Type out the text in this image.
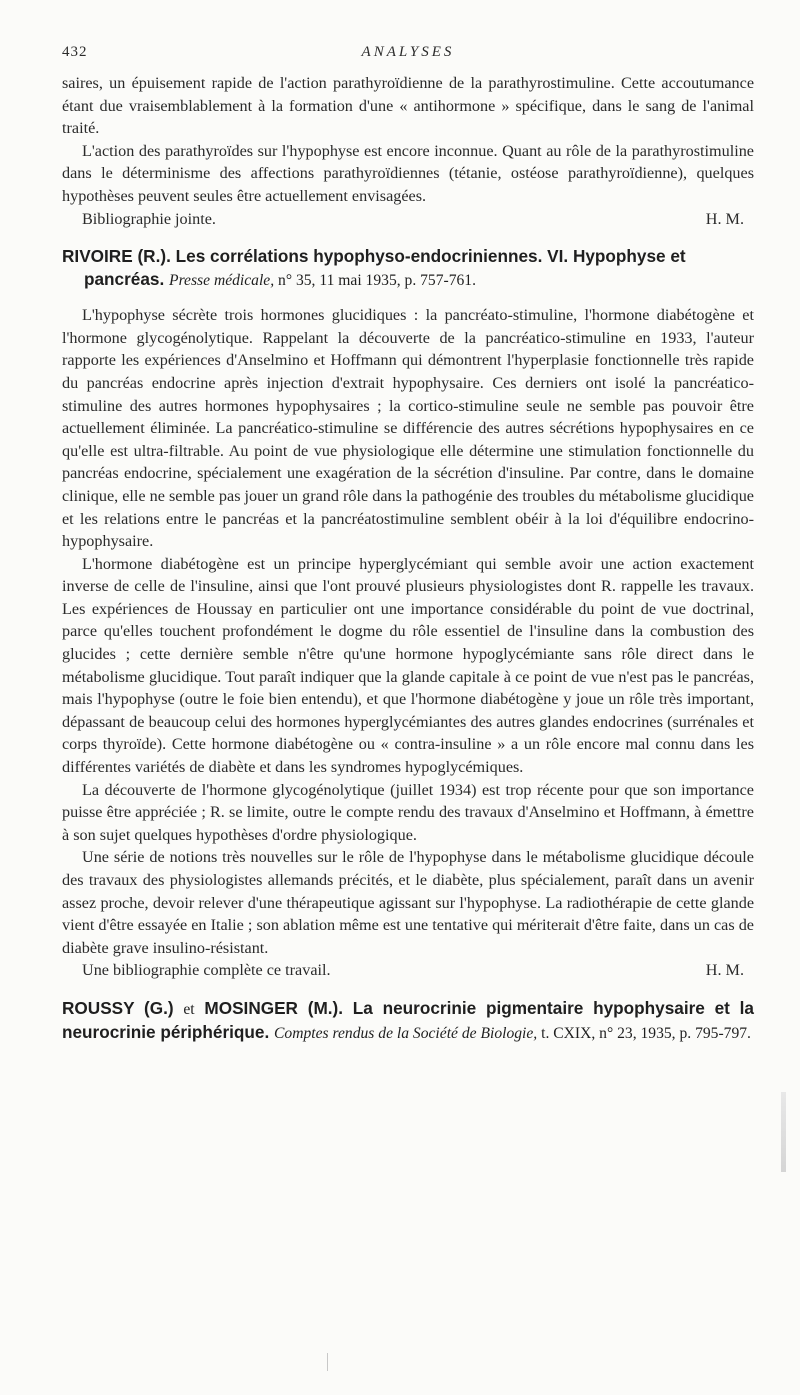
432	ANALYSES

saires, un épuisement rapide de l'action parathyroïdienne de la parathyrostimuline. Cette accoutumance étant due vraisemblablement à la formation d'une « antihormone » spécifique, dans le sang de l'animal traité.

L'action des parathyroïdes sur l'hypophyse est encore inconnue. Quant au rôle de la parathyrostimuline dans le déterminisme des affections parathyroïdiennes (tétanie, ostéose parathyroïdienne), quelques hypothèses peuvent seules être actuellement envisagées.

Bibliographie jointe.	H. M.
RIVOIRE (R.). Les corrélations hypophyso-endocriniennes. VI. Hypophyse et
pancréas. Presse médicale, n° 35, 11 mai 1935, p. 757-761.

L'hypophyse sécrète trois hormones glucidiques : la pancréato-stimuline, l'hormone diabétogène et l'hormone glycogénolytique. Rappelant la découverte de la pancréatico-stimuline en 1933, l'auteur rapporte les expériences d'Anselmino et Hoffmann qui démontrent l'hyperplasie fonctionnelle très rapide du pancréas endocrine après injection d'extrait hypophysaire. Ces derniers ont isolé la pancréatico-stimuline des autres hormones hypophysaires ; la cortico-stimuline seule ne semble pas pouvoir être actuellement éliminée. La pancréatico-stimuline se différencie des autres sécrétions hypophysaires en ce qu'elle est ultra-filtrable. Au point de vue physiologique elle détermine une stimulation fonctionnelle du pancréas endocrine, spécialement une exagération de la sécrétion d'insuline. Par contre, dans le domaine clinique, elle ne semble pas jouer un grand rôle dans la pathogénie des troubles du métabolisme glucidique et les relations entre le pancréas et la pancréatostimuline semblent obéir à la loi d'équilibre endocrino-hypophysaire.

L'hormone diabétogène est un principe hyperglycémiant qui semble avoir une action exactement inverse de celle de l'insuline, ainsi que l'ont prouvé plusieurs physiologistes dont R. rappelle les travaux. Les expériences de Houssay en particulier ont une importance considérable du point de vue doctrinal, parce qu'elles touchent profondément le dogme du rôle essentiel de l'insuline dans la combustion des glucides ; cette dernière semble n'être qu'une hormone hypoglycémiante sans rôle direct dans le métabolisme glucidique. Tout paraît indiquer que la glande capitale à ce point de vue n'est pas le pancréas, mais l'hypophyse (outre le foie bien entendu), et que l'hormone diabétogène y joue un rôle très important, dépassant de beaucoup celui des hormones hyperglycémiantes des autres glandes endocrines (surrénales et corps thyroïde). Cette hormone diabétogène ou « contra-insuline » a un rôle encore mal connu dans les différentes variétés de diabète et dans les syndromes hypoglycémiques.

La découverte de l'hormone glycogénolytique (juillet 1934) est trop récente pour que son importance puisse être appréciée ; R. se limite, outre le compte rendu des travaux d'Anselmino et Hoffmann, à émettre à son sujet quelques hypothèses d'ordre physiologique.

Une série de notions très nouvelles sur le rôle de l'hypophyse dans le métabolisme glucidique découle des travaux des physiologistes allemands précités, et le diabète, plus spécialement, paraît dans un avenir assez proche, devoir relever d'une thérapeutique agissant sur l'hypophyse. La radiothérapie de cette glande vient d'être essayée en Italie ; son ablation même est une tentative qui mériterait d'être faite, dans un cas de diabète grave insulino-résistant.

Une bibliographie complète ce travail.	H. M.
ROUSSY (G.) et MOSINGER (M.). La neurocrinie pigmentaire hypophysaire et la neurocrinie périphérique. Comptes rendus de la Société de Biologie, t. CXIX, n° 23, 1935, p. 795-797.
